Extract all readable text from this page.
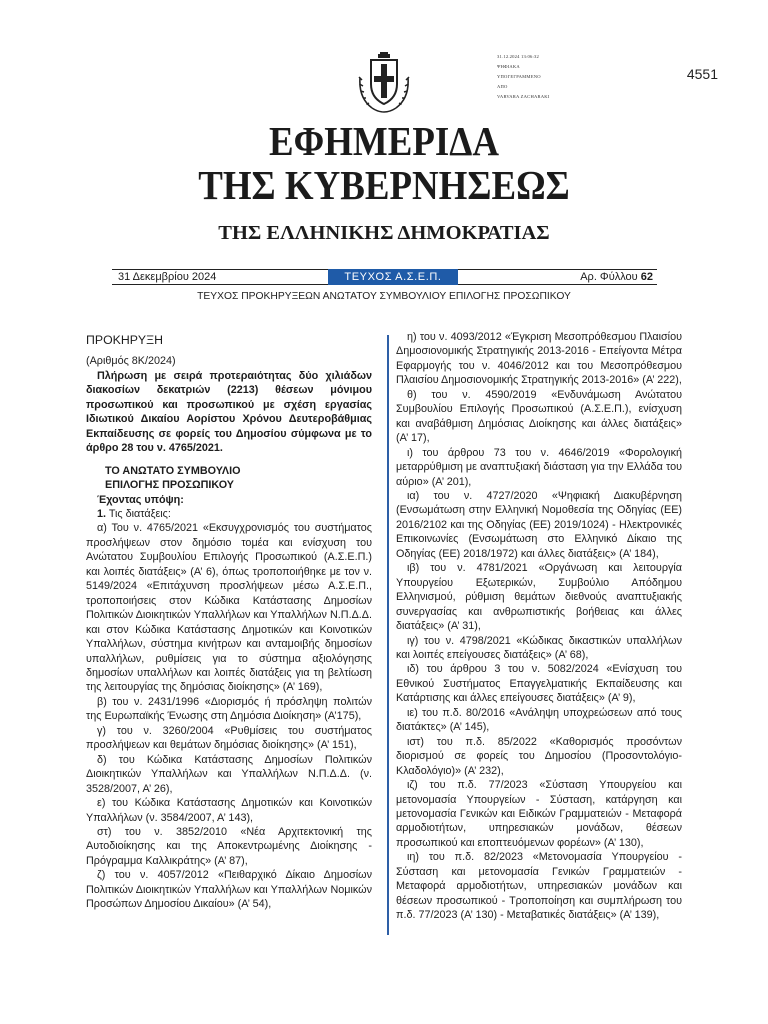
31.12.2024 13:06:32
ΨΗΦΙΑΚΑ
ΥΠΟΓΕΓΡΑΜΜΕΝΟ
ΑΠΟ
VARVARA ZACHARAKI
4551
ΕΦΗΜΕΡΙΔΑ
ΤΗΣ ΚΥΒΕΡΝΗΣΕΩΣ
ΤΗΣ ΕΛΛΗΝΙΚΗΣ ΔΗΜΟΚΡΑΤΙΑΣ
31 Δεκεμβρίου 2024	ΤΕΥΧΟΣ Α.Σ.Ε.Π.	Αρ. Φύλλου 62
ΤΕΥΧΟΣ ΠΡΟΚΗΡΥΞΕΩΝ ΑΝΩΤΑΤΟΥ ΣΥΜΒΟΥΛΙΟΥ ΕΠΙΛΟΓΗΣ ΠΡΟΣΩΠΙΚΟΥ

ΠΡΟΚΗΡΥΞΗ

(Αριθμός 8Κ/2024)

Πλήρωση με σειρά προτεραιότητας δύο χιλιάδων διακοσίων δεκατριών (2213) θέσεων μόνιμου προσωπικού και προσωπικού με σχέση εργασίας Ιδιωτικού Δικαίου Αορίστου Χρόνου Δευτεροβάθμιας Εκπαίδευσης σε φορείς του Δημοσίου σύμφωνα με το άρθρο 28 του ν. 4765/2021.

ΤΟ ΑΝΩΤΑΤΟ ΣΥΜΒΟΥΛΙΟ

ΕΠΙΛΟΓΗΣ ΠΡΟΣΩΠΙΚΟΥ

Έχοντας υπόψη:

1. Τις διατάξεις:

α) Του ν. 4765/2021 «Εκσυγχρονισμός του συστήματος προσλήψεων στον δημόσιο τομέα και ενίσχυση του Ανώτατου Συμβουλίου Επιλογής Προσωπικού (Α.Σ.Ε.Π.) και λοιπές διατάξεις» (Α’ 6), όπως τροποποιήθηκε με τον ν. 5149/2024 «Επιτάχυνση προσλήψεων μέσω Α.Σ.Ε.Π., τροποποιήσεις στον Κώδικα Κατάστασης Δημοσίων Πολιτικών Διοικητικών Υπαλλήλων και Υπαλλήλων Ν.Π.Δ.Δ. και στον Κώδικα Κατάστασης Δημοτικών και Κοινοτικών Υπαλλήλων, σύστημα κινήτρων και ανταμοιβής δημοσίων υπαλλήλων, ρυθμίσεις για το σύστημα αξιολόγησης δημοσίων υπαλλήλων και λοιπές διατάξεις για τη βελτίωση της λειτουργίας της δημόσιας διοίκησης» (Α’ 169),

β) του ν. 2431/1996 «Διορισμός ή πρόσληψη πολιτών της Ευρωπαϊκής Ένωσης στη Δημόσια Διοίκηση» (Α’175),

γ) του ν. 3260/2004 «Ρυθμίσεις του συστήματος προσλήψεων και θεμάτων δημόσιας διοίκησης» (Α’ 151),

δ) του Κώδικα Κατάστασης Δημοσίων Πολιτικών Διοικητικών Υπαλλήλων και Υπαλλήλων Ν.Π.Δ.Δ. (ν. 3528/2007, Α’ 26),

ε) του Κώδικα Κατάστασης Δημοτικών και Κοινοτικών Υπαλλήλων (ν. 3584/2007, Α’ 143),

στ) του ν. 3852/2010 «Νέα Αρχιτεκτονική της Αυτοδιοίκησης και της Αποκεντρωμένης Διοίκησης - Πρόγραμμα Καλλικράτης» (Α’ 87),

ζ) του ν. 4057/2012 «Πειθαρχικό Δίκαιο Δημοσίων Πολιτικών Διοικητικών Υπαλλήλων και Υπαλλήλων Νομικών Προσώπων Δημοσίου Δικαίου» (Α’ 54),

η) του ν. 4093/2012 «Έγκριση Μεσοπρόθεσμου Πλαισίου Δημοσιονομικής Στρατηγικής 2013-2016 - Επείγοντα Μέτρα Εφαρμογής του ν. 4046/2012 και του Μεσοπρόθεσμου Πλαισίου Δημοσιονομικής Στρατηγικής 2013-2016» (Α’ 222),

θ) του ν. 4590/2019 «Ενδυνάμωση Ανώτατου Συμβουλίου Επιλογής Προσωπικού (Α.Σ.Ε.Π.), ενίσχυση και αναβάθμιση Δημόσιας Διοίκησης και άλλες διατάξεις» (Α’ 17),

ι) του άρθρου 73 του ν. 4646/2019 «Φορολογική μεταρρύθμιση με αναπτυξιακή διάσταση για την Ελλάδα του αύριο» (Α’ 201),

ια) του ν. 4727/2020 «Ψηφιακή Διακυβέρνηση (Ενσωμάτωση στην Ελληνική Νομοθεσία της Οδηγίας (ΕΕ) 2016/2102 και της Οδηγίας (ΕΕ) 2019/1024) - Ηλεκτρονικές Επικοινωνίες (Ενσωμάτωση στο Ελληνικό Δίκαιο της Οδηγίας (ΕΕ) 2018/1972) και άλλες διατάξεις» (Α’ 184),

ιβ) του ν. 4781/2021 «Οργάνωση και λειτουργία Υπουργείου Εξωτερικών, Συμβούλιο Απόδημου Ελληνισμού, ρύθμιση θεμάτων διεθνούς αναπτυξιακής συνεργασίας και ανθρωπιστικής βοήθειας και άλλες διατάξεις» (Α’ 31),

ιγ) του ν. 4798/2021 «Κώδικας δικαστικών υπαλλήλων και λοιπές επείγουσες διατάξεις» (Α’ 68),

ιδ) του άρθρου 3 του ν. 5082/2024 «Ενίσχυση του Εθνικού Συστήματος Επαγγελματικής Εκπαίδευσης και Κατάρτισης και άλλες επείγουσες διατάξεις» (Α’ 9),

ιε) του π.δ. 80/2016 «Ανάληψη υποχρεώσεων από τους διατάκτες» (Α’ 145),

ιστ) του π.δ. 85/2022 «Καθορισμός προσόντων διορισμού σε φορείς του Δημοσίου (Προσοντολόγιο-Κλαδολόγιο)» (Α’ 232),

ιζ) του π.δ. 77/2023 «Σύσταση Υπουργείου και μετονομασία Υπουργείων - Σύσταση, κατάργηση και μετονομασία Γενικών και Ειδικών Γραμματειών - Μεταφορά αρμοδιοτήτων, υπηρεσιακών μονάδων, θέσεων προσωπικού και εποπτευόμενων φορέων» (Α’ 130),

ιη) του π.δ. 82/2023 «Μετονομασία Υπουργείου - Σύσταση και μετονομασία Γενικών Γραμματειών - Μεταφορά αρμοδιοτήτων, υπηρεσιακών μονάδων και θέσεων προσωπικού - Τροποποίηση και συμπλήρωση του π.δ. 77/2023 (Α’ 130) - Μεταβατικές διατάξεις» (Α’ 139),
